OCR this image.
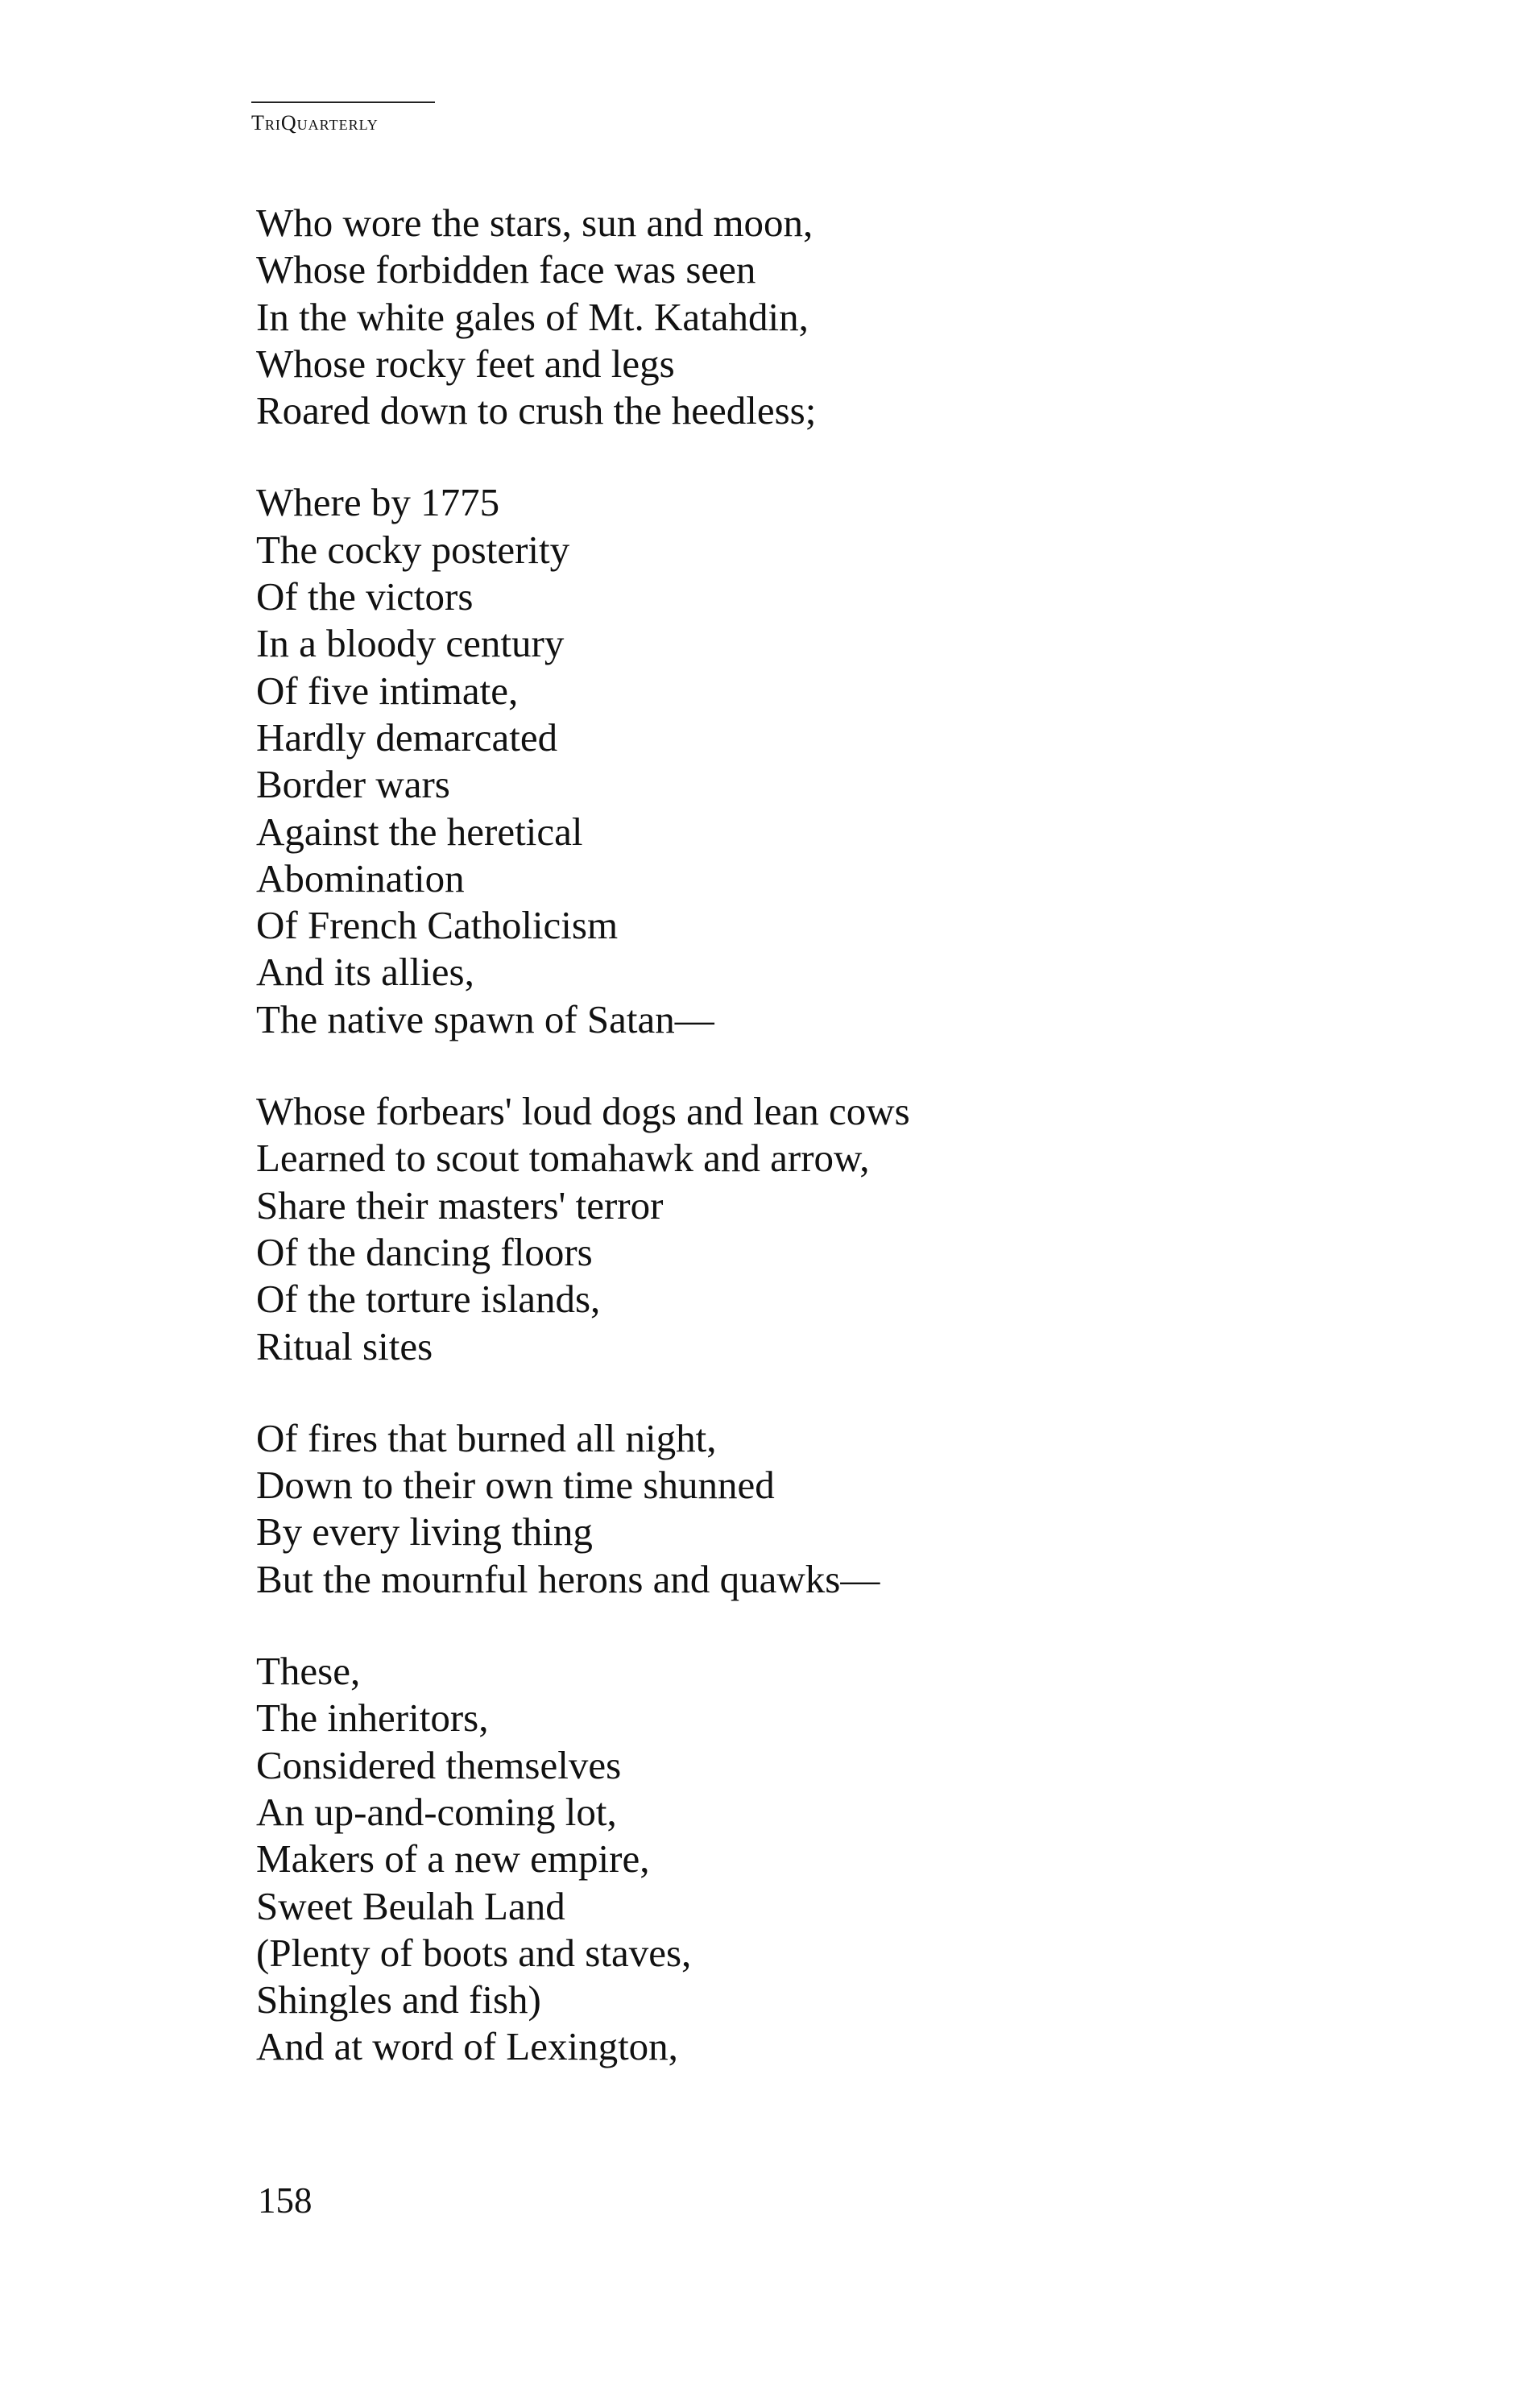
TriQuarterly
Who wore the stars, sun and moon,
Whose forbidden face was seen
In the white gales of Mt. Katahdin,
Whose rocky feet and legs
Roared down to crush the heedless;
Where by 1775
The cocky posterity
Of the victors
In a bloody century
Of five intimate,
Hardly demarcated
Border wars
Against the heretical
Abomination
Of French Catholicism
And its allies,
The native spawn of Satan—
Whose forbears' loud dogs and lean cows
Learned to scout tomahawk and arrow,
Share their masters' terror
Of the dancing floors
Of the torture islands,
Ritual sites
Of fires that burned all night,
Down to their own time shunned
By every living thing
But the mournful herons and quawks—
These,
The inheritors,
Considered themselves
An up-and-coming lot,
Makers of a new empire,
Sweet Beulah Land
(Plenty of boots and staves,
Shingles and fish)
And at word of Lexington,
158
